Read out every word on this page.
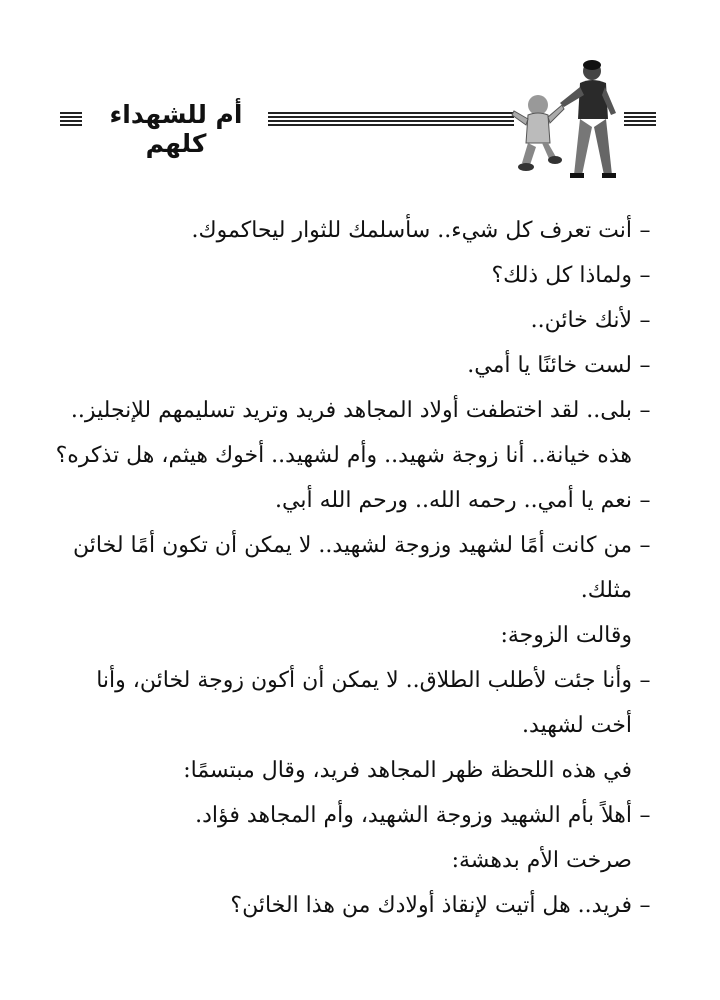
أم للشهداء كلهم
–أنت تعرف كل شيء.. سأسلمك للثوار ليحاكموك.
–ولماذا كل ذلك؟
–لأنك خائن..
–لست خائنًا يا أمي.
–بلى.. لقد اختطفت أولاد المجاهد فريد وتريد تسليمهم للإنجليز..
هذه خيانة.. أنا زوجة شهيد.. وأم لشهيد.. أخوك هيثم، هل تذكره؟
–نعم يا أمي.. رحمه الله.. ورحم الله أبي.
–من كانت أمًا لشهيد وزوجة لشهيد.. لا يمكن أن تكون أمًا لخائن
مثلك.
وقالت الزوجة:
–وأنا جئت لأطلب الطلاق.. لا يمكن أن أكون زوجة لخائن، وأنا
أخت لشهيد.
في هذه اللحظة ظهر المجاهد فريد، وقال مبتسمًا:
–أهلاً بأم الشهيد وزوجة الشهيد، وأم المجاهد فؤاد.
صرخت الأم بدهشة:
–فريد.. هل أتيت لإنقاذ أولادك من هذا الخائن؟
